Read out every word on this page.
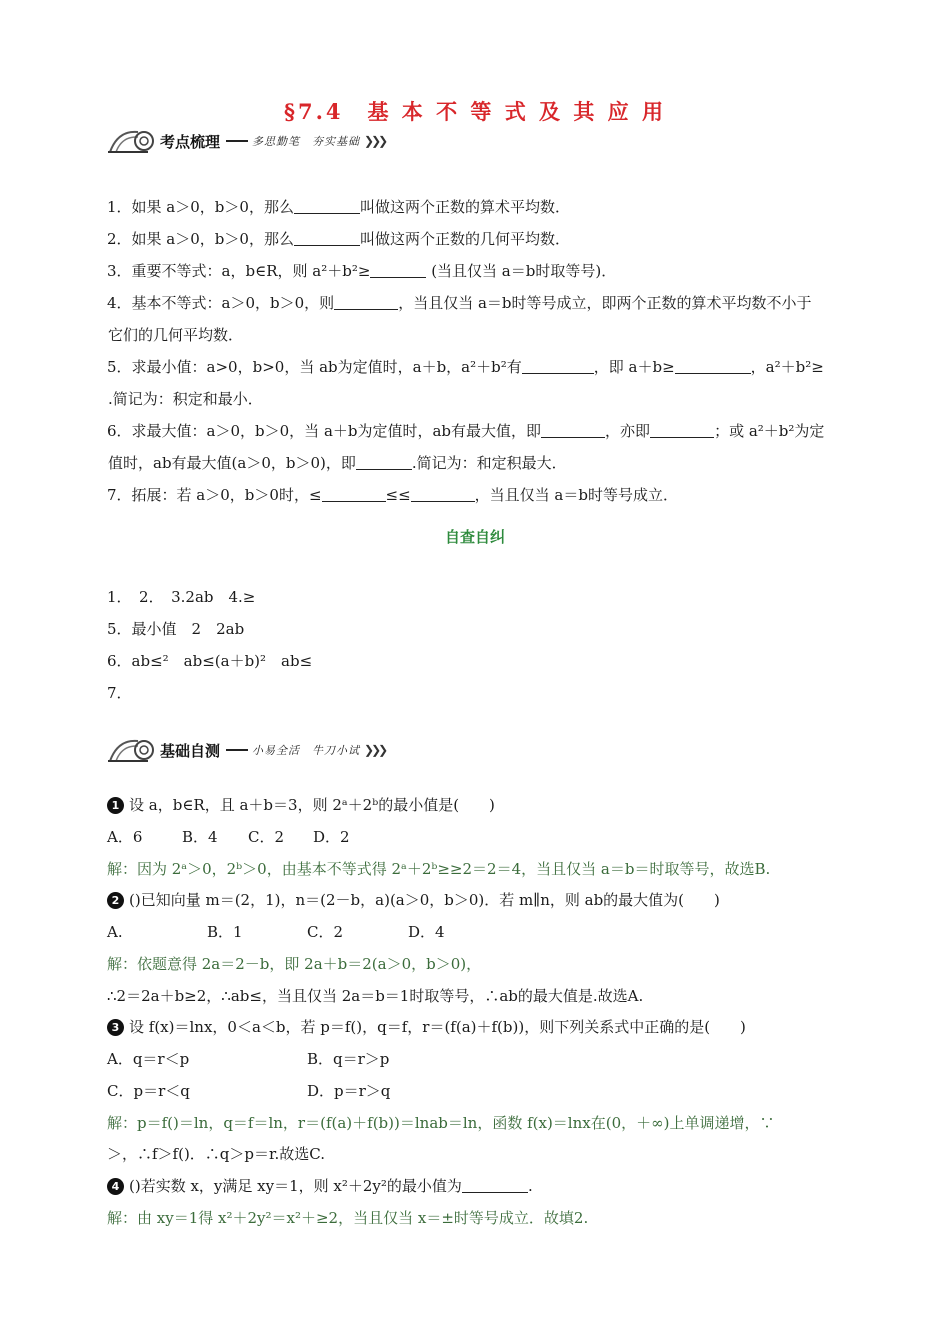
§7.4　基 本 不 等 式 及 其 应 用
考点梳理	多思勤笔　夯实基础 ❯❯❯
1．如果 a＞0，b＞0，那么	叫做这两个正数的算术平均数．
2．如果 a＞0，b＞0，那么	叫做这两个正数的几何平均数．
3．重要不等式：a，b∈R，则 a²＋b²≥	(当且仅当 a＝b时取等号)．
4．基本不等式：a＞0，b＞0，则	，当且仅当 a＝b时等号成立，即两个正数的算术平均数不小于
它们的几何平均数．
5．求最小值：a>0，b>0，当 ab为定值时，a＋b，a²＋b²有	，即 a＋b≥	，a²＋b²≥
.简记为：积定和最小．
6．求最大值：a＞0，b＞0，当 a＋b为定值时，ab有最大值，即	，亦即	；或 a²＋b²为定
值时，ab有最大值(a＞0，b＞0)，即	.简记为：和定积最大．
7．拓展：若 a＞0，b＞0时，≤	≤≤	，当且仅当 a＝b时等号成立．
自查自纠
1．　2．　3.2ab　4.≥
5．最小值　2　2ab
6．ab≤²　ab≤(a＋b)²　ab≤
7．
基础自测	小易全活　牛刀小试 ❯❯❯
1 设 a，b∈R，且 a＋b＝3，则 2ᵃ＋2ᵇ的最小值是(　　)
A．6	B．4 C．2 D．2
解：因为 2ᵃ＞0，2ᵇ＞0，由基本不等式得 2ᵃ＋2ᵇ≥≥2＝2＝4，当且仅当 a＝b＝时取等号，故选B.
2 ()已知向量 m＝(2，1)，n＝(2－b，a)(a＞0，b＞0)．若 m∥n，则 ab的最大值为(　　)
A.	B．1	C．2	D．4
解：依题意得 2a＝2－b，即 2a＋b＝2(a＞0，b＞0)，
∴2＝2a＋b≥2，∴ab≤，当且仅当 2a＝b＝1时取等号，∴ab的最大值是.故选A.
3 设 f(x)＝lnx，0＜a＜b，若 p＝f()，q＝f，r＝(f(a)＋f(b))，则下列关系式中正确的是(　　)
A．q＝r＜p	B．q＝r＞p
C．p＝r＜q	D．p＝r＞q
解：p＝f()＝ln，q＝f＝ln，r＝(f(a)＋f(b))＝lnab＝ln，函数 f(x)＝lnx在(0，＋∞)上单调递增，∵
＞，∴f＞f()．∴q＞p＝r.故选C.
4 ()若实数 x，y满足 xy＝1，则 x²＋2y²的最小值为	.
解：由 xy＝1得 x²＋2y²＝x²＋≥2，当且仅当 x＝±时等号成立．故填2.
